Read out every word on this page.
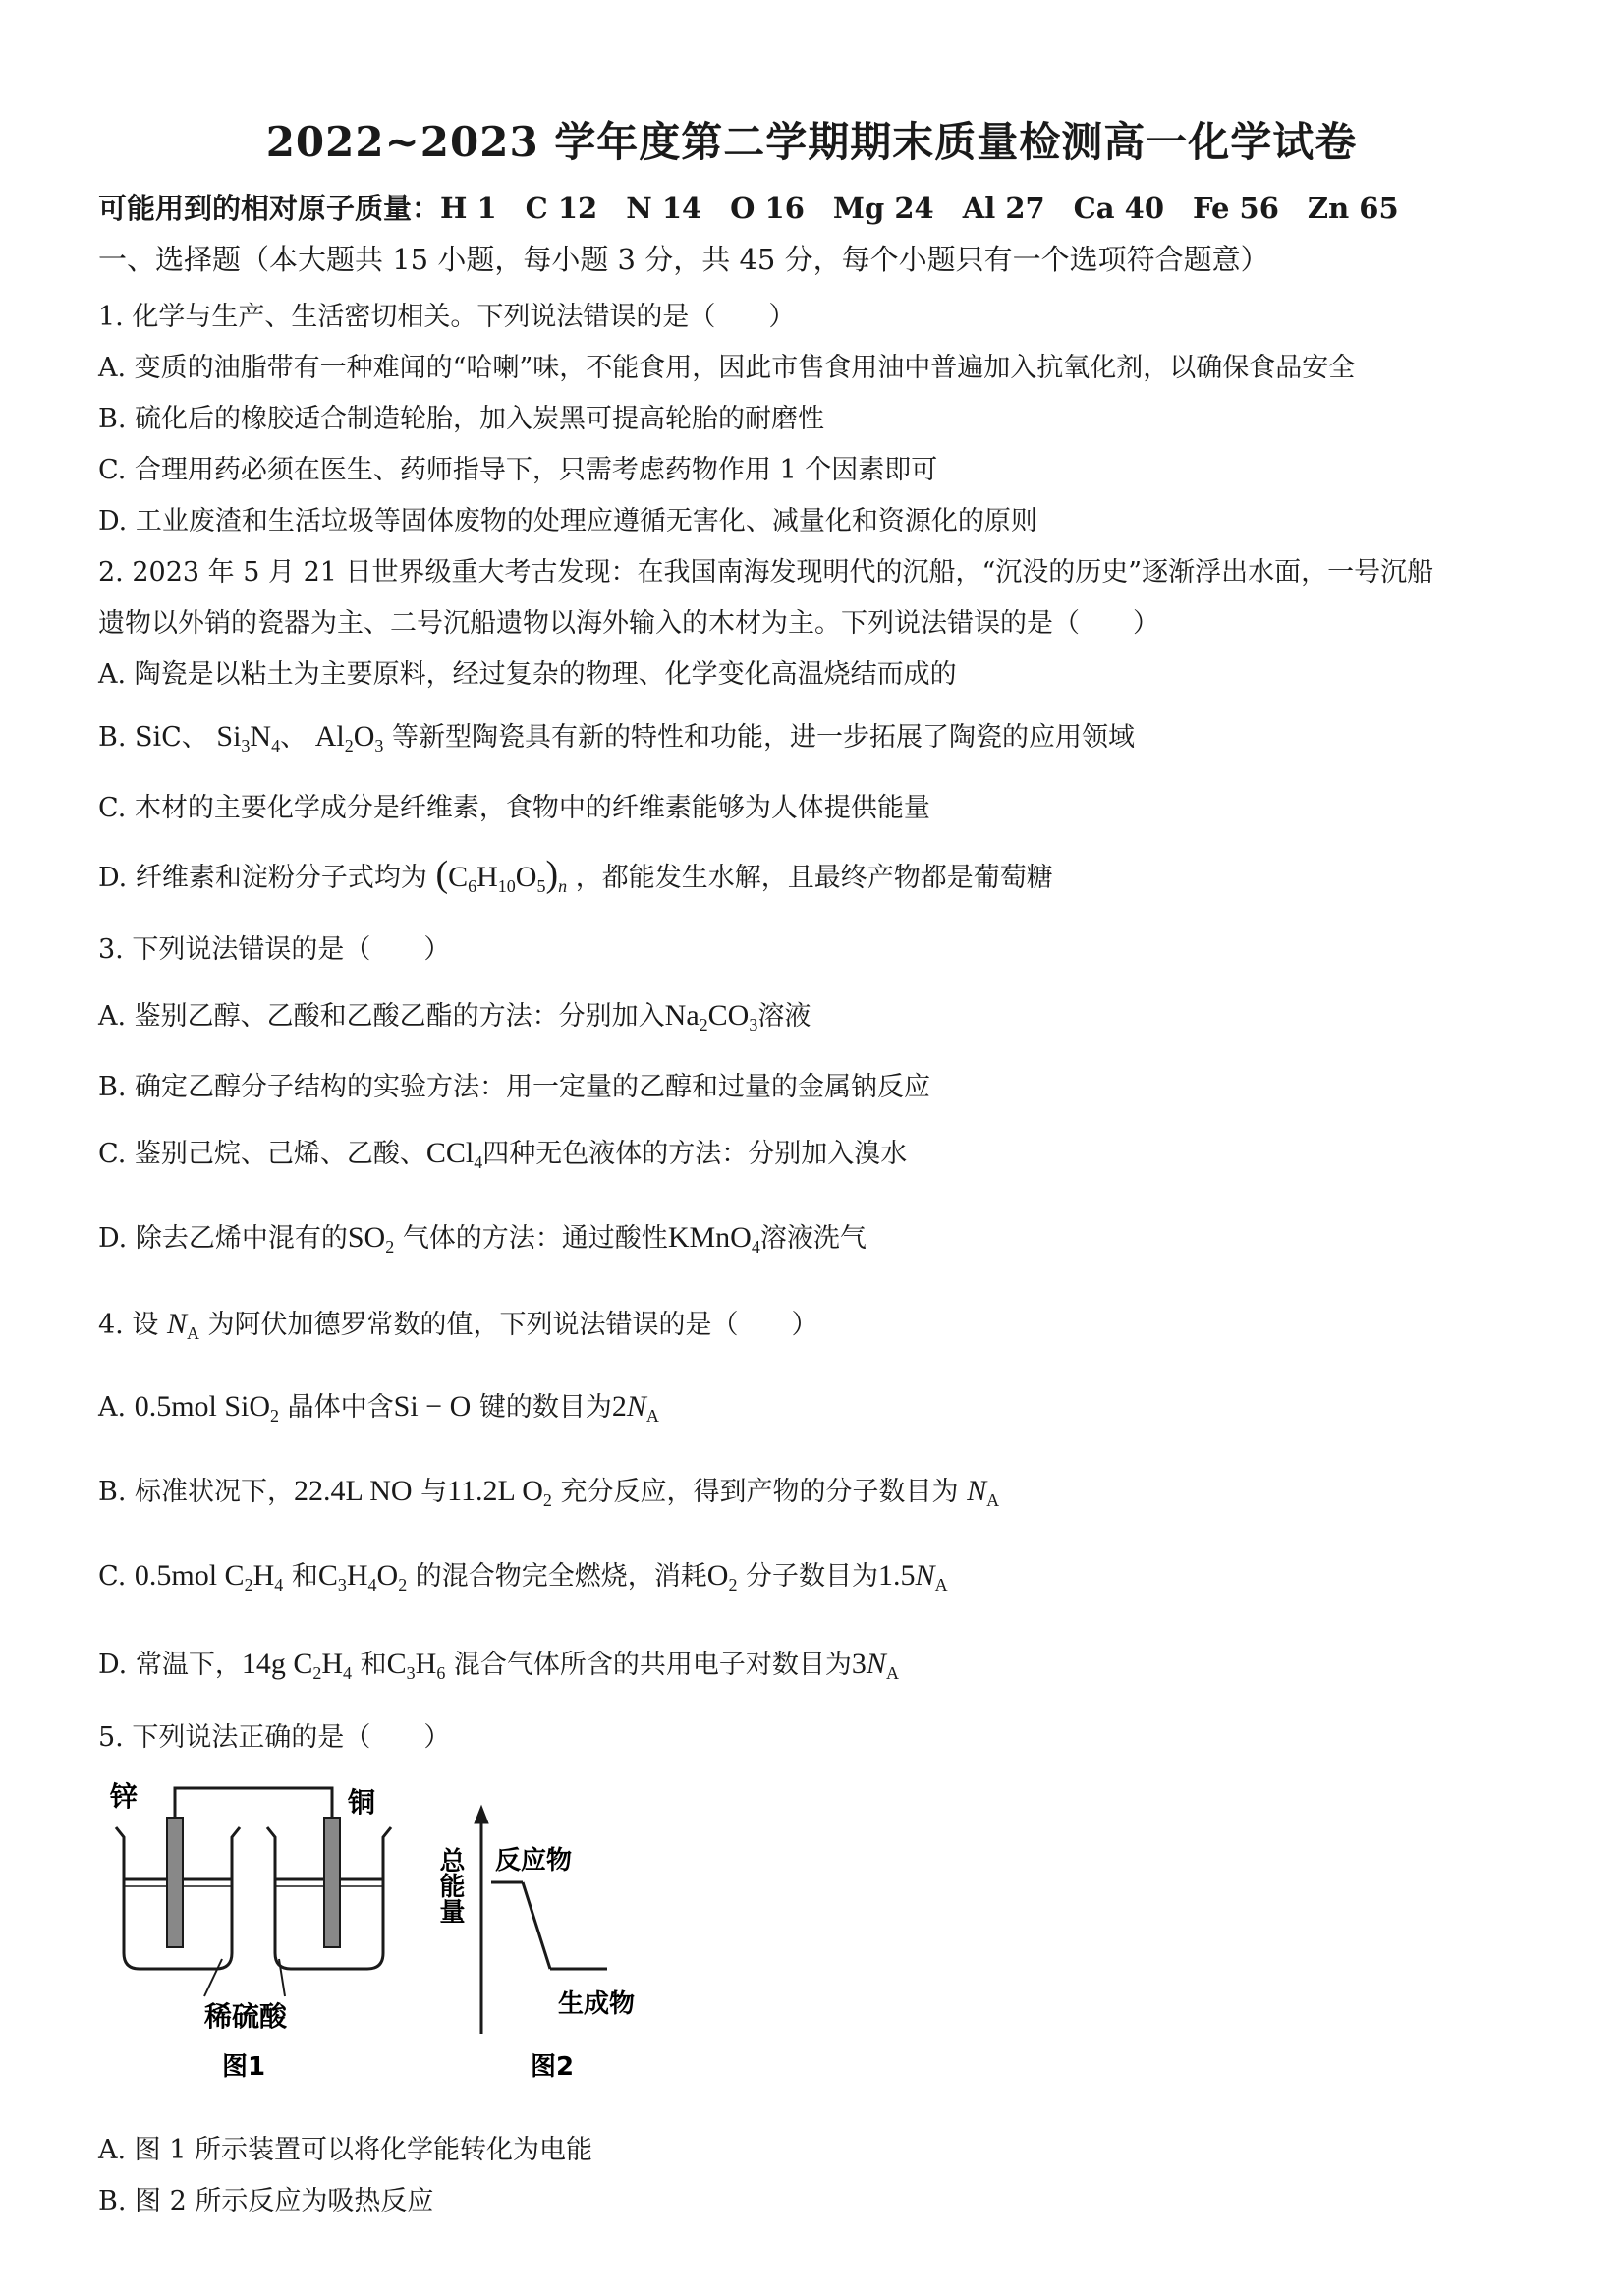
2022~2023 学年度第二学期期末质量检测高一化学试卷
可能用到的相对原子质量：H 1　C 12　N 14　O 16　Mg 24　Al 27　Ca 40　Fe 56　Zn 65
一、选择题（本大题共 15 小题，每小题 3 分，共 45 分，每个小题只有一个选项符合题意）
1. 化学与生产、生活密切相关。下列说法错误的是（　　）
A. 变质的油脂带有一种难闻的“哈喇”味，不能食用，因此市售食用油中普遍加入抗氧化剂，以确保食品安全
B. 硫化后的橡胶适合制造轮胎，加入炭黑可提高轮胎的耐磨性
C. 合理用药必须在医生、药师指导下，只需考虑药物作用 1 个因素即可
D. 工业废渣和生活垃圾等固体废物的处理应遵循无害化、减量化和资源化的原则
2. 2023 年 5 月 21 日世界级重大考古发现：在我国南海发现明代的沉船，“沉没的历史”逐渐浮出水面，一号沉船
遗物以外销的瓷器为主、二号沉船遗物以海外输入的木材为主。下列说法错误的是（　　）
A. 陶瓷是以粘土为主要原料，经过复杂的物理、化学变化高温烧结而成的
B. SiC、 $Si_3N_4$、 $Al_2O_3$ 等新型陶瓷具有新的特性和功能，进一步拓展了陶瓷的应用领域
C. 木材的主要化学成分是纤维素，食物中的纤维素能够为人体提供能量
D. 纤维素和淀粉分子式均为 $(C_6H_{10}O_5)_n$ ，都能发生水解，且最终产物都是葡萄糖
3. 下列说法错误的是（　　）
A. 鉴别乙醇、乙酸和乙酸乙酯的方法：分别加入$Na_2CO_3$溶液
B. 确定乙醇分子结构的实验方法：用一定量的乙醇和过量的金属钠反应
C. 鉴别己烷、己烯、乙酸、CCl$_4$四种无色液体的方法：分别加入溴水
D. 除去乙烯中混有的$SO_2$ 气体的方法：通过酸性KMnO$_4$溶液洗气
4. 设 $N_A$ 为阿伏加德罗常数的值，下列说法错误的是（　　）
A. 0.5mol SiO$_2$ 晶体中含Si − O 键的数目为$2N_A$
B. 标准状况下，22.4L NO 与11.2L $O_2$ 充分反应，得到产物的分子数目为 $N_A$
C. 0.5mol $C_2H_4$ 和$C_3H_4O_2$ 的混合物完全燃烧，消耗$O_2$ 分子数目为$1.5N_A$
D. 常温下，14g $C_2H_4$ 和$C_3H_6$ 混合气体所含的共用电子对数目为$3N_A$
5. 下列说法正确的是（　　）
锌	铜
稀硫酸
图1
总能量 反应物
生成物
图2
A. 图 1 所示装置可以将化学能转化为电能
B. 图 2 所示反应为吸热反应
